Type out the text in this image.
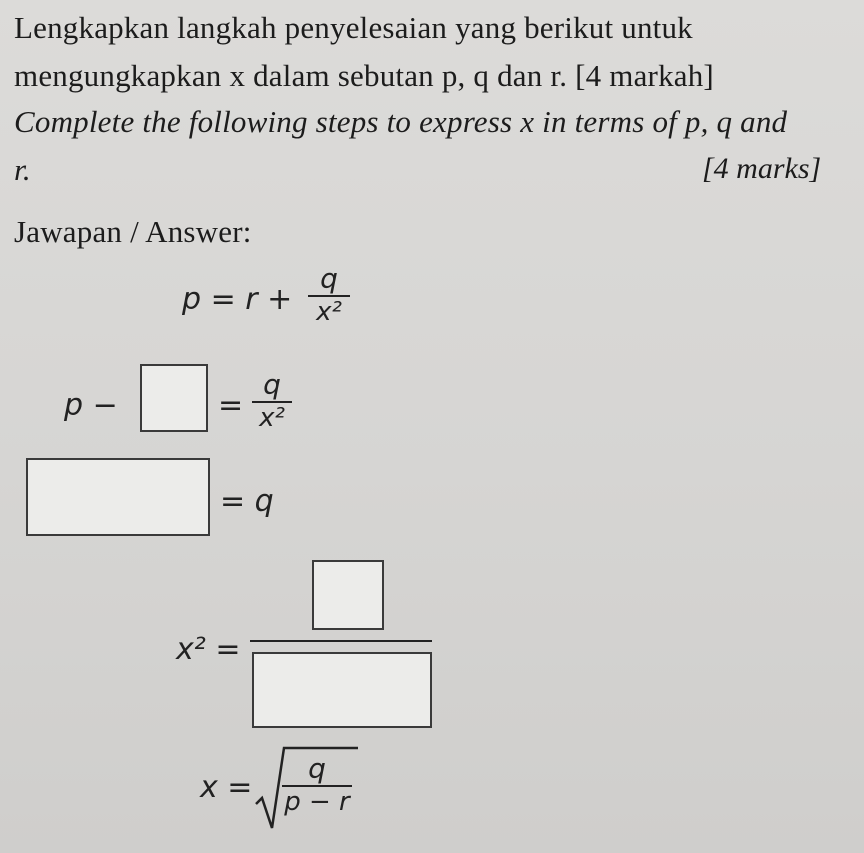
Lengkapkan langkah penyelesaian yang berikut untuk
mengungkapkan x dalam sebutan p, q dan r. [4 markah]
Complete the following steps to express x in terms of p, q and
r.	[4 marks]
Jawapan / Answer:
p = r +
q
x²
p −	=
q
x²
= q
x² =
x =
q
p − r
